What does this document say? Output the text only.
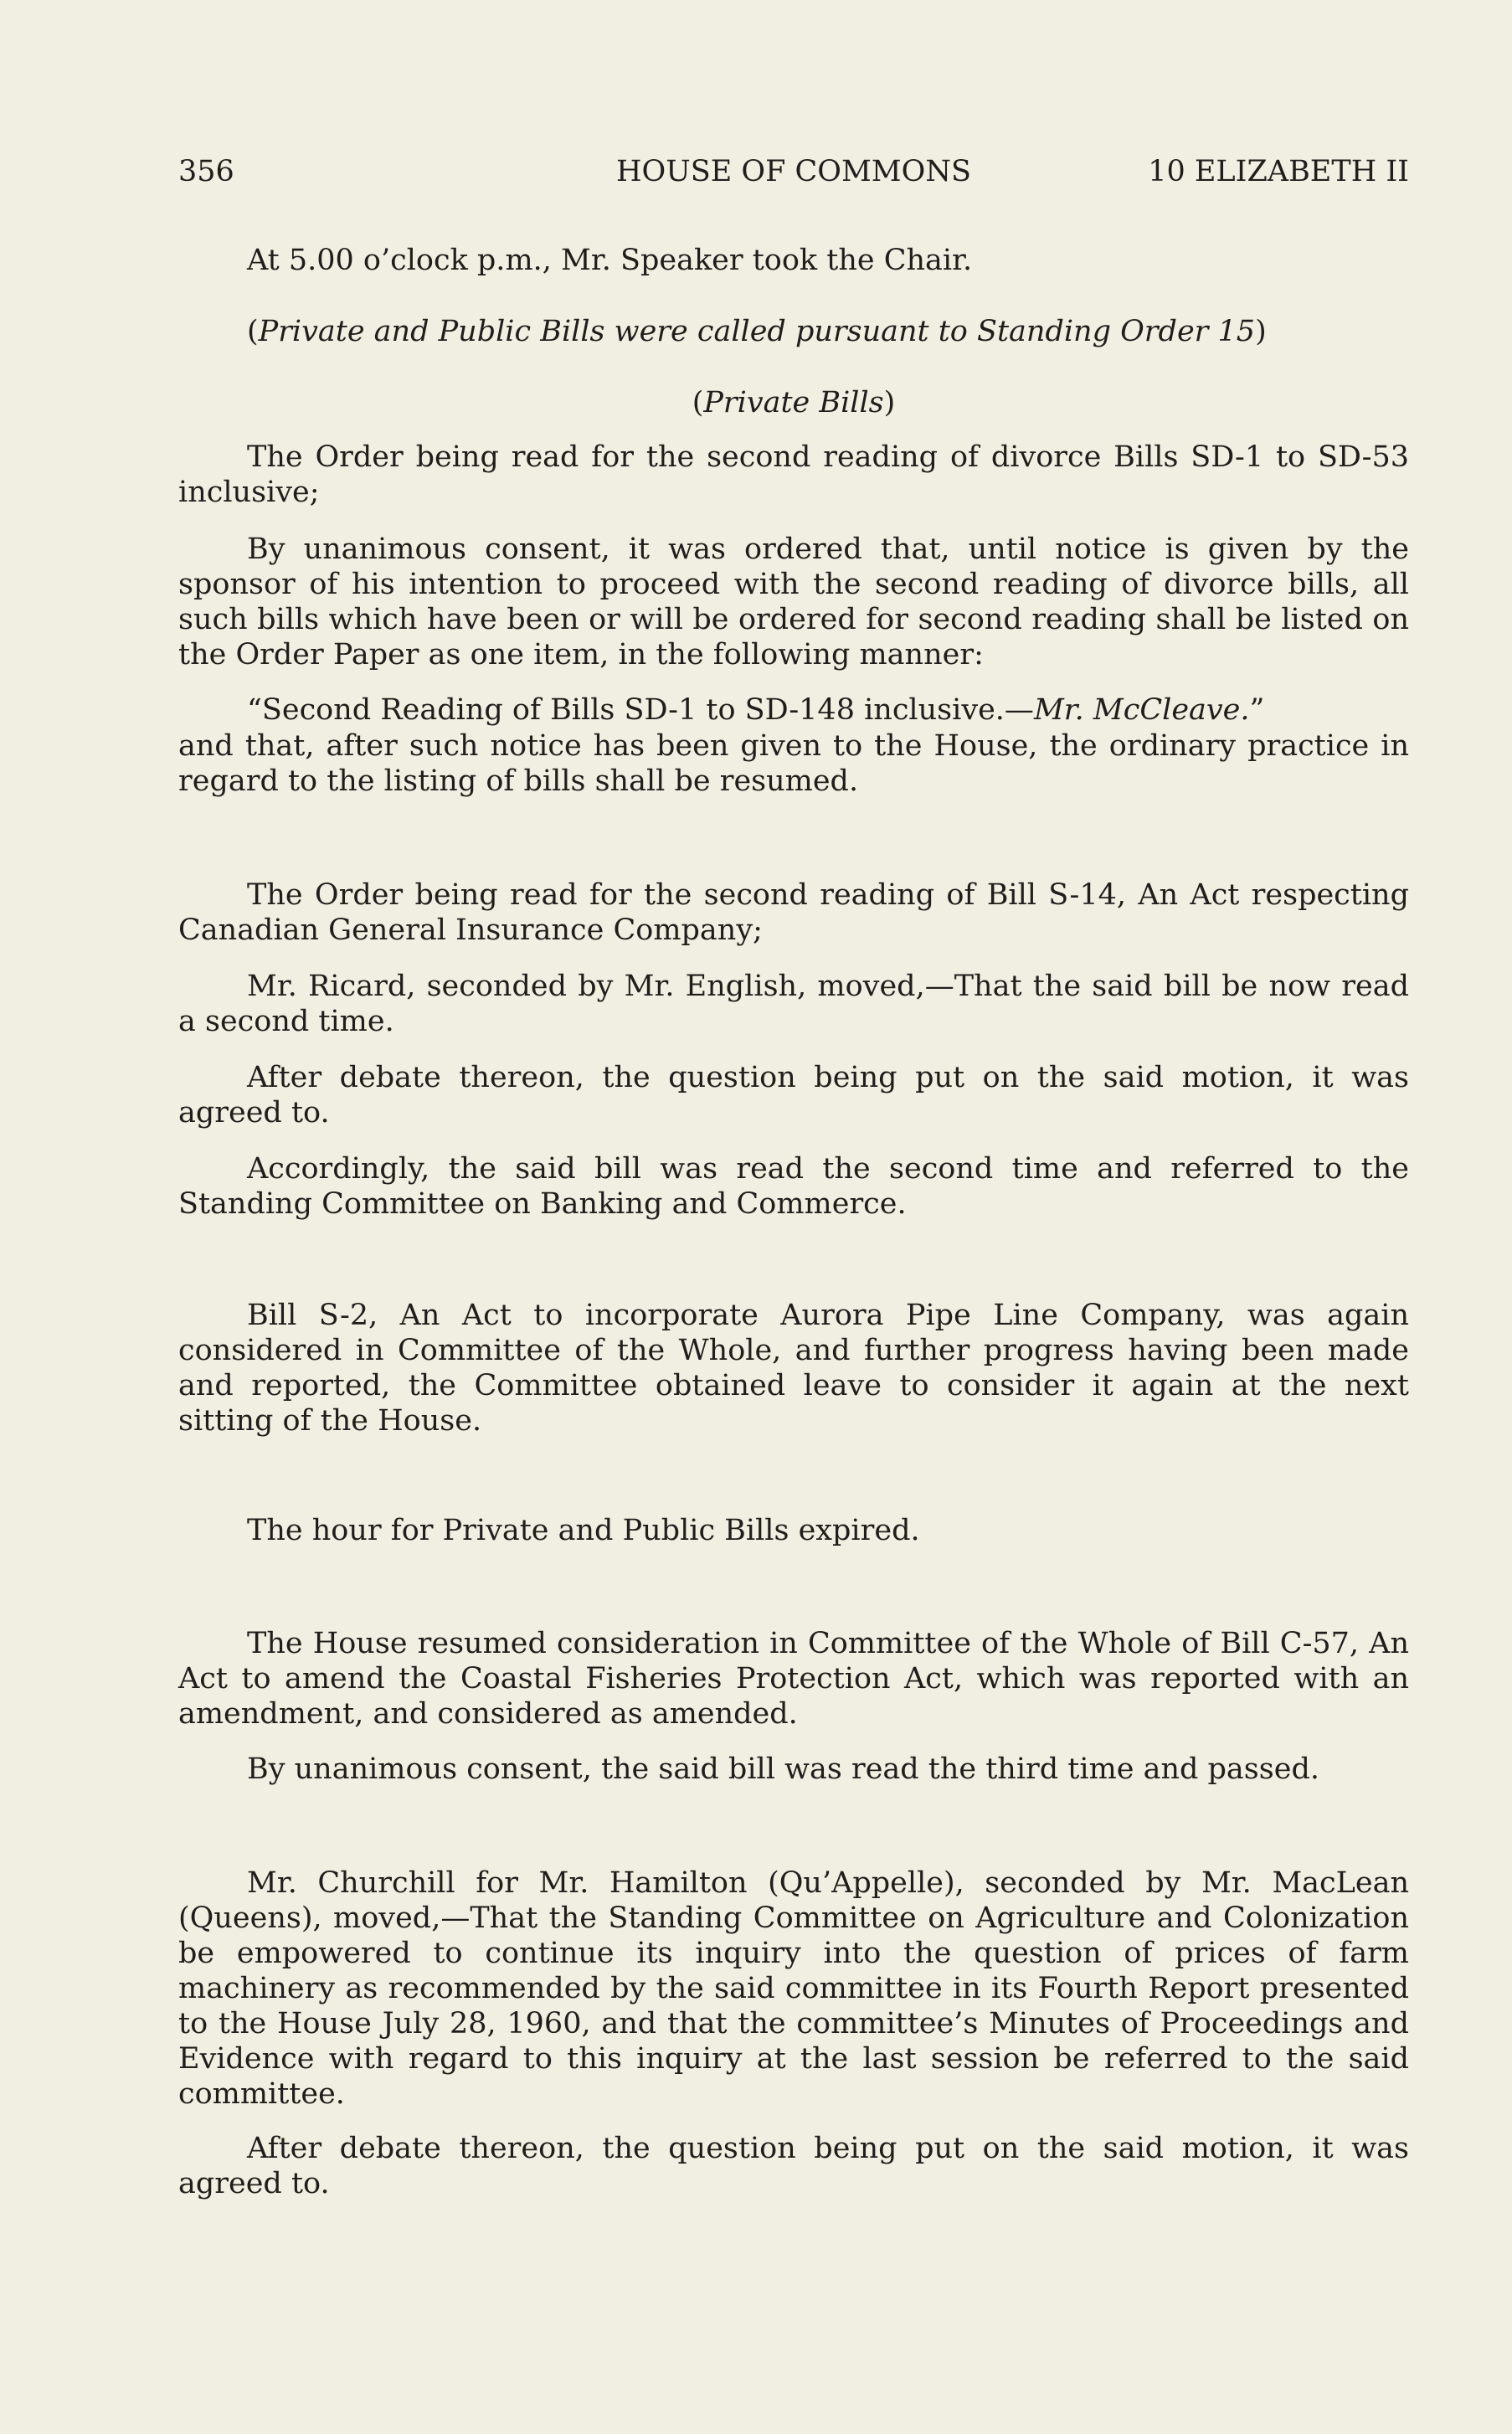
356	HOUSE OF COMMONS	10 ELIZABETH II

At 5.00 o’clock p.m., Mr. Speaker took the Chair.

(Private and Public Bills were called pursuant to Standing Order 15)

(Private Bills)

The Order being read for the second reading of divorce Bills SD-1 to SD-53 inclusive;

By unanimous consent, it was ordered that, until notice is given by the sponsor of his intention to proceed with the second reading of divorce bills, all such bills which have been or will be ordered for second reading shall be listed on the Order Paper as one item, in the following manner:

“Second Reading of Bills SD-1 to SD-148 inclusive.—Mr. McCleave.”

and that, after such notice has been given to the House, the ordinary practice in regard to the listing of bills shall be resumed.

The Order being read for the second reading of Bill S-14, An Act respecting Canadian General Insurance Company;

Mr. Ricard, seconded by Mr. English, moved,—That the said bill be now read a second time.

After debate thereon, the question being put on the said motion, it was agreed to.

Accordingly, the said bill was read the second time and referred to the Standing Committee on Banking and Commerce.

Bill S-2, An Act to incorporate Aurora Pipe Line Company, was again considered in Committee of the Whole, and further progress having been made and reported, the Committee obtained leave to consider it again at the next sitting of the House.

The hour for Private and Public Bills expired.

The House resumed consideration in Committee of the Whole of Bill C-57, An Act to amend the Coastal Fisheries Protection Act, which was reported with an amendment, and considered as amended.

By unanimous consent, the said bill was read the third time and passed.

Mr. Churchill for Mr. Hamilton (Qu’Appelle), seconded by Mr. MacLean (Queens), moved,—That the Standing Committee on Agriculture and Colonization be empowered to continue its inquiry into the question of prices of farm machinery as recommended by the said committee in its Fourth Report presented to the House July 28, 1960, and that the committee’s Minutes of Proceedings and Evidence with regard to this inquiry at the last session be referred to the said committee.

After debate thereon, the question being put on the said motion, it was agreed to.
